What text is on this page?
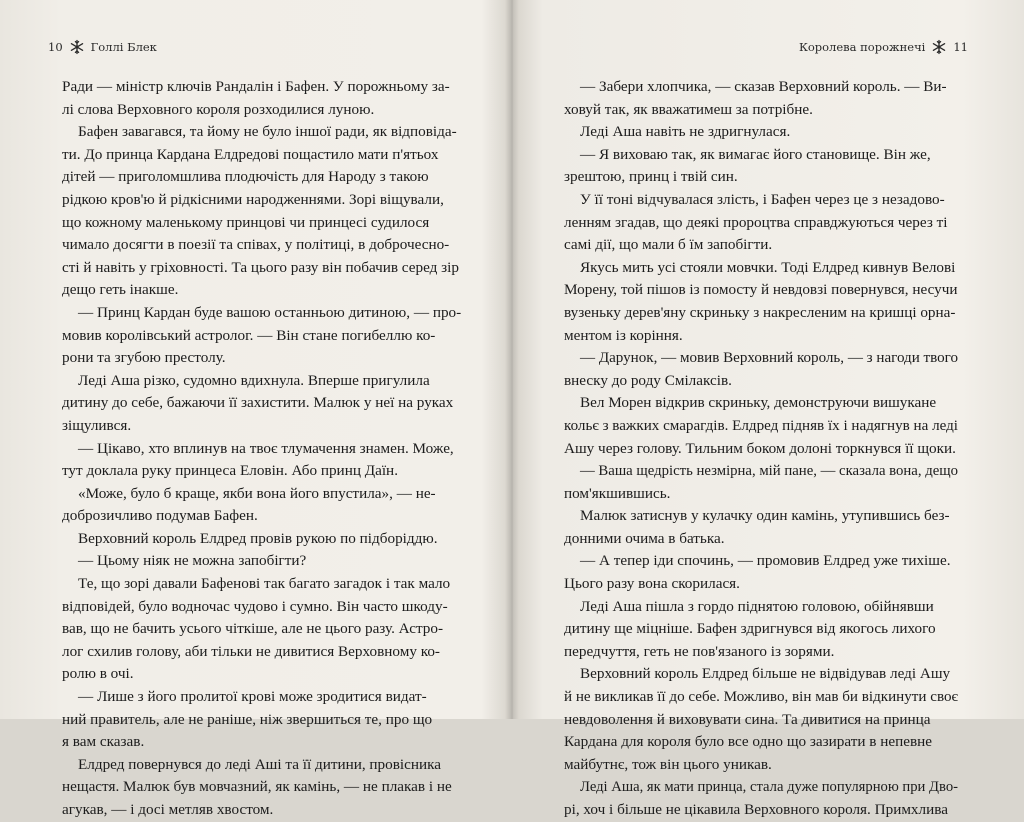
10 Голлі Блек
Ради — міністр ключів Рандалін і Бафен. У порожньому за-
лі слова Верховного короля розходилися луною.
Бафен завагався, та йому не було іншої ради, як відповіда-
ти. До принца Кардана Елдредові пощастило мати п'ятьох
дітей — приголомшлива плодючість для Народу з такою
рідкою кров'ю й рідкісними народженнями. Зорі віщували,
що кожному маленькому принцові чи принцесі судилося
чимало досягти в поезії та співах, у політиці, в доброчесно-
сті й навіть у гріховності. Та цього разу він побачив серед зір
дещо геть інакше.
— Принц Кардан буде вашою останньою дитиною, — про-
мовив королівський астролог. — Він стане погибеллю ко-
рони та згубою престолу.
Леді Аша різко, судомно вдихнула. Вперше пригулила
дитину до себе, бажаючи її захистити. Малюк у неї на руках
зіщулився.
— Цікаво, хто вплинув на твоє тлумачення знамен. Може,
тут доклала руку принцеса Еловін. Або принц Даїн.
«Може, було б краще, якби вона його впустила», — не-
доброзичливо подумав Бафен.
Верховний король Елдред провів рукою по підборіддю.
— Цьому ніяк не можна запобігти?
Те, що зорі давали Бафенові так багато загадок і так мало
відповідей, було водночас чудово і сумно. Він часто шкоду-
вав, що не бачить усього чіткіше, але не цього разу. Астро-
лог схилив голову, аби тільки не дивитися Верховному ко-
ролю в очі.
— Лише з його пролитої крові може зродитися видат-
ний правитель, але не раніше, ніж звершиться те, про що
я вам сказав.
Елдред повернувся до леді Аші та її дитини, провісника
нещастя. Малюк був мовчазний, як камінь, — не плакав і не
агукав, — і досі метляв хвостом.
Королева порожнечі 11
— Забери хлопчика, — сказав Верховний король. — Ви-
ховуй так, як вважатимеш за потрібне.
Леді Аша навіть не здригнулася.
— Я виховаю так, як вимагає його становище. Він же,
зрештою, принц і твій син.
У її тоні відчувалася злість, і Бафен через це з незадово-
ленням згадав, що деякі пророцтва справджуються через ті
самі дії, що мали б їм запобігти.
Якусь мить усі стояли мовчки. Тоді Елдред кивнув Велові
Морену, той пішов із помосту й невдовзі повернувся, несучи
вузеньку дерев'яну скриньку з накресленим на кришці орна-
ментом із коріння.
— Дарунок, — мовив Верховний король, — з нагоди твого
внеску до роду Смілаксів.
Вел Морен відкрив скриньку, демонструючи вишукане
кольє з важких смарагдів. Елдред підняв їх і надягнув на леді
Ашу через голову. Тильним боком долоні торкнувся її щоки.
— Ваша щедрість незмірна, мій пане, — сказала вона, дещо
пом'якшившись.
Малюк затиснув у кулачку один камінь, утупившись без-
донними очима в батька.
— А тепер іди спочинь, — промовив Елдред уже тихіше.
Цього разу вона скорилася.
Леді Аша пішла з гордо піднятою головою, обійнявши
дитину ще міцніше. Бафен здригнувся від якогось лихого
передчуття, геть не пов'язаного із зорями.
Верховний король Елдред більше не відвідував леді Ашу
й не викликав її до себе. Можливо, він мав би відкинути своє
невдоволення й виховувати сина. Та дивитися на принца
Кардана для короля було все одно що зазирати в непевне
майбутнє, тож він цього уникав.
Леді Аша, як мати принца, стала дуже популярною при Дво-
рі, хоч і більше не цікавила Верховного короля. Примхлива
